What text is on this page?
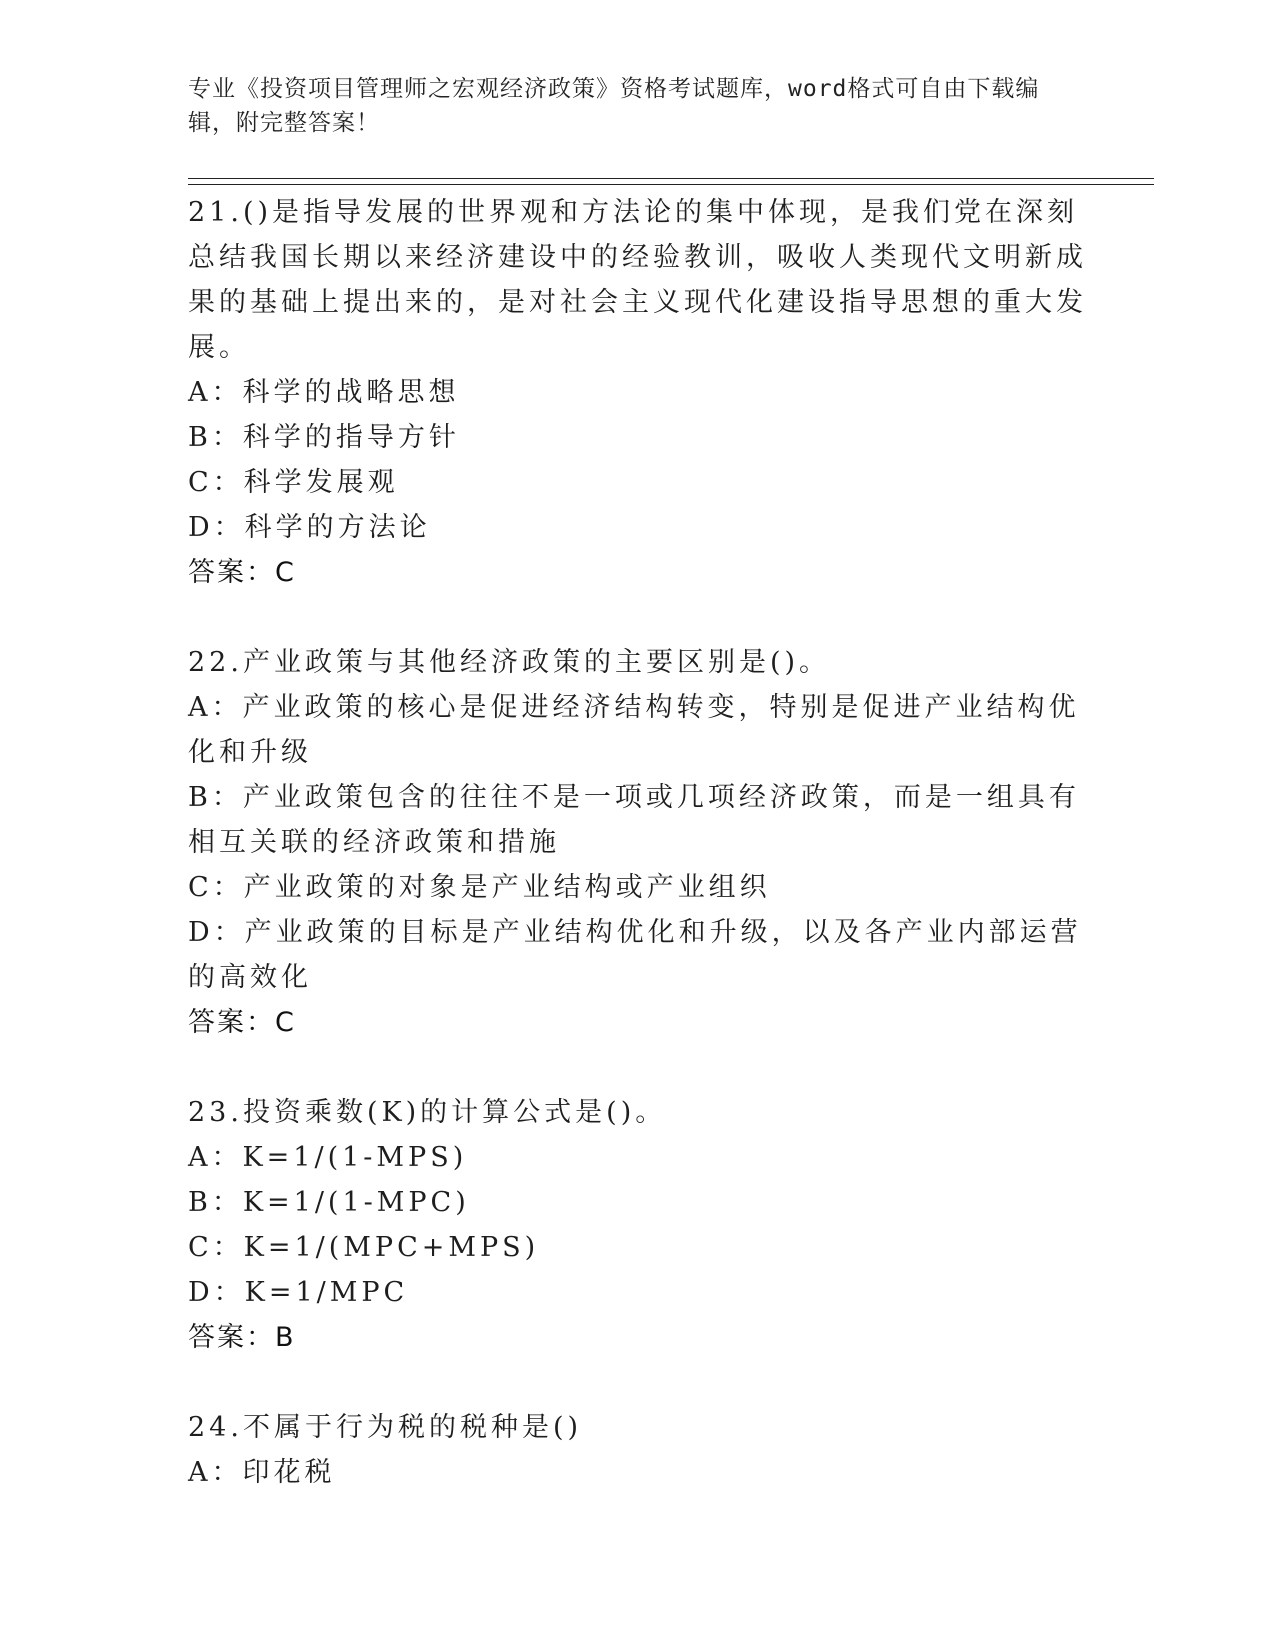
专业《投资项目管理师之宏观经济政策》资格考试题库，word格式可自由下载编辑，附完整答案！

21.()是指导发展的世界观和方法论的集中体现，是我们党在深刻总结我国长期以来经济建设中的经验教训，吸收人类现代文明新成果的基础上提出来的，是对社会主义现代化建设指导思想的重大发展。

A：科学的战略思想

B：科学的指导方针

C：科学发展观

D：科学的方法论

答案：C

22.产业政策与其他经济政策的主要区别是()。

A：产业政策的核心是促进经济结构转变，特别是促进产业结构优化和升级

B：产业政策包含的往往不是一项或几项经济政策，而是一组具有相互关联的经济政策和措施

C：产业政策的对象是产业结构或产业组织

D：产业政策的目标是产业结构优化和升级，以及各产业内部运营的高效化

答案：C

23.投资乘数(K)的计算公式是()。

A：K=1/(1-MPS)

B：K=1/(1-MPC)

C：K=1/(MPC+MPS)

D：K=1/MPC

答案：B

24.不属于行为税的税种是()

A：印花税
